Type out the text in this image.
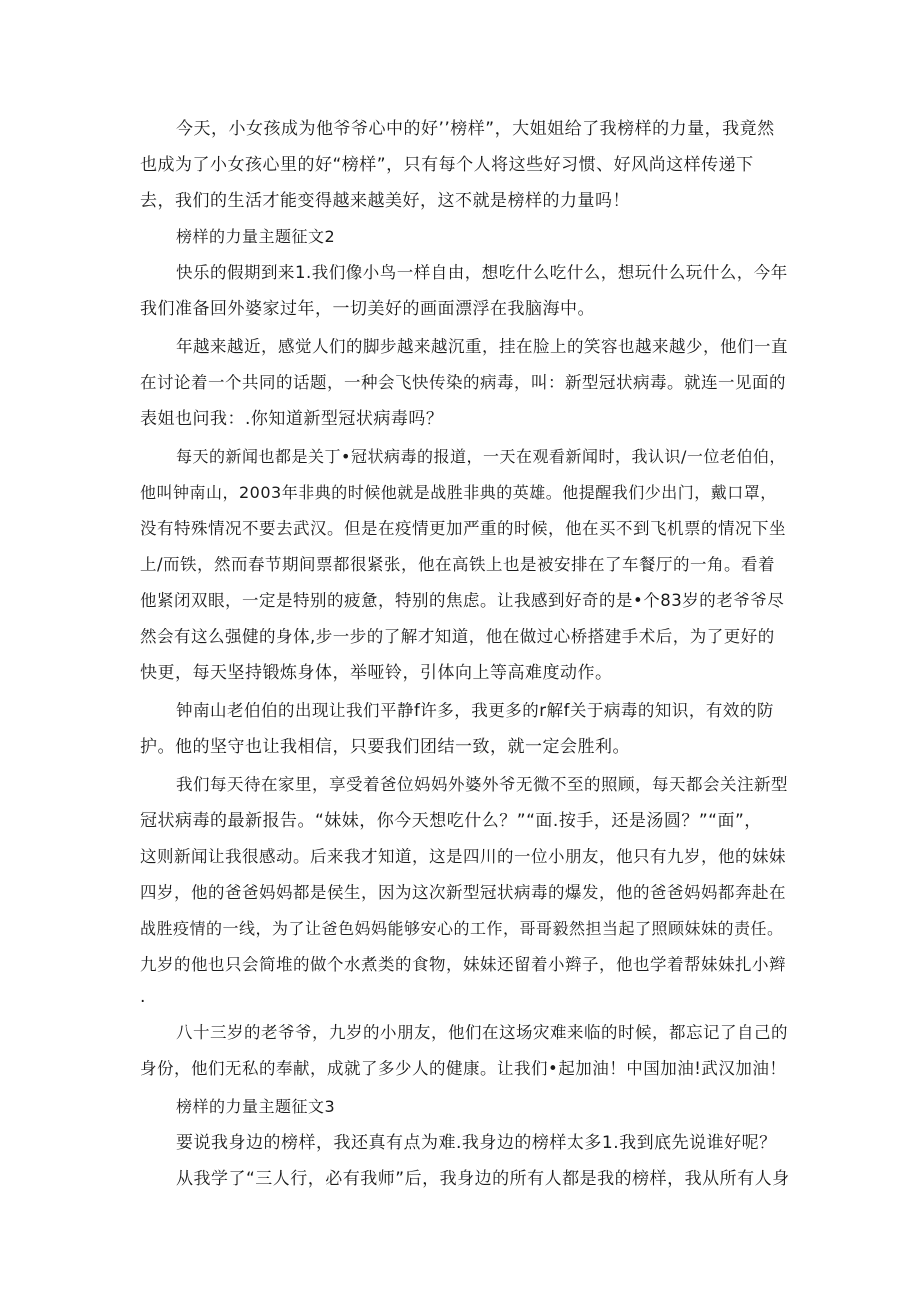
今天，小女孩成为他爷爷心中的好’’榜样”，大姐姐给了我榜样的力量，我竟然
也成为了小女孩心里的好“榜样”，只有每个人将这些好习惯、好风尚这样传递下
去，我们的生活才能变得越来越美好，这不就是榜样的力量吗！
榜样的力量主题征文2
快乐的假期到来1.我们像小鸟一样自由，想吃什么吃什么，想玩什么玩什么，今年
我们准备回外婆家过年，一切美好的画面漂浮在我脑海中。
年越来越近，感觉人们的脚步越来越沉重，挂在脸上的笑容也越来越少，他们一直
在讨论着一个共同的话题，一种会飞快传染的病毒，叫：新型冠状病毒。就连一见面的
表姐也问我：.你知道新型冠状病毒吗？
每天的新闻也都是关丁•冠状病毒的报道，一天在观看新闻时，我认识/一位老伯伯，
他叫钟南山，2003年非典的时候他就是战胜非典的英雄。他提醒我们少出门，戴口罩，
没有特殊情况不要去武汉。但是在疫情更加严重的时候，他在买不到飞机票的情况下坐
上/而铁，然而春节期间票都很紧张，他在高铁上也是被安排在了车餐厅的一角。看着
他紧闭双眼，一定是特别的疲惫，特别的焦虑。让我感到好奇的是•个83岁的老爷爷尽
然会有这么强健的身体,步一步的了解才知道，他在做过心桥搭建手术后，为了更好的
快更，每天坚持锻炼身体，举哑铃，引体向上等高难度动作。
钟南山老伯伯的出现让我们平静f许多，我更多的r解f关于病毒的知识，有效的防
护。他的坚守也让我相信，只要我们团结一致，就一定会胜利。
我们每天待在家里，享受着爸位妈妈外婆外爷无微不至的照顾，每天都会关注新型
冠状病毒的最新报告。“妹妹，你今天想吃什么？”“面.按手，还是汤圆？”“面”，
这则新闻让我很感动。后来我才知道，这是四川的一位小朋友，他只有九岁，他的妹妹
四岁，他的爸爸妈妈都是侯生，因为这次新型冠状病毒的爆发，他的爸爸妈妈都奔赴在
战胜疫情的一线，为了让爸色妈妈能够安心的工作，哥哥毅然担当起了照顾妹妹的责任。
九岁的他也只会简堆的做个水煮类的食物，妹妹还留着小辫子，他也学着帮妹妹扎小辫
.
八十三岁的老爷爷，九岁的小朋友，他们在这场灾难来临的时候，都忘记了自己的
身份，他们无私的奉献，成就了多少人的健康。让我们•起加油！中国加油!武汉加油！
榜样的力量主题征文3
要说我身边的榜样，我还真有点为难.我身边的榜样太多1.我到底先说谁好呢？
从我学了“三人行，必有我师”后，我身边的所有人都是我的榜样，我从所有人身
